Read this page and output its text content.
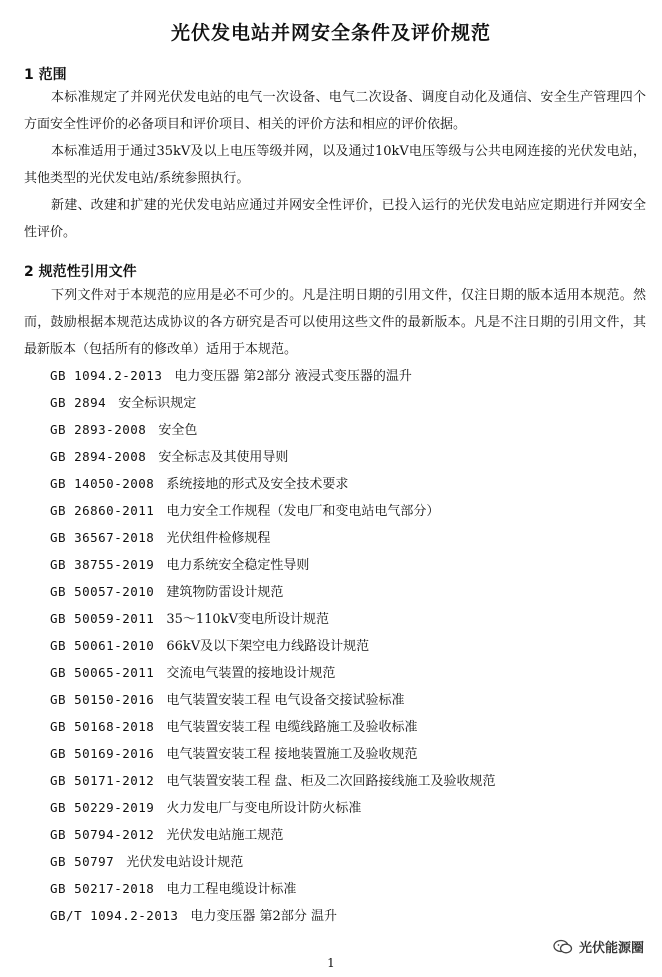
光伏发电站并网安全条件及评价规范
1 范围
本标准规定了并网光伏发电站的电气一次设备、电气二次设备、调度自动化及通信、安全生产管理四个方面安全性评价的必备项目和评价项目、相关的评价方法和相应的评价依据。
本标准适用于通过35kV及以上电压等级并网，以及通过10kV电压等级与公共电网连接的光伏发电站，其他类型的光伏发电站/系统参照执行。
新建、改建和扩建的光伏发电站应通过并网安全性评价，已投入运行的光伏发电站应定期进行并网安全性评价。
2 规范性引用文件
下列文件对于本规范的应用是必不可少的。凡是注明日期的引用文件，仅注日期的版本适用本规范。然而，鼓励根据本规范达成协议的各方研究是否可以使用这些文件的最新版本。凡是不注日期的引用文件，其最新版本（包括所有的修改单）适用于本规范。
GB 1094.2-2013 电力变压器 第2部分 液浸式变压器的温升
GB 2894 安全标识规定
GB 2893-2008 安全色
GB 2894-2008 安全标志及其使用导则
GB 14050-2008 系统接地的形式及安全技术要求
GB 26860-2011 电力安全工作规程（发电厂和变电站电气部分）
GB 36567-2018 光伏组件检修规程
GB 38755-2019 电力系统安全稳定性导则
GB 50057-2010 建筑物防雷设计规范
GB 50059-2011 35～110kV变电所设计规范
GB 50061-2010 66kV及以下架空电力线路设计规范
GB 50065-2011 交流电气装置的接地设计规范
GB 50150-2016 电气装置安装工程 电气设备交接试验标准
GB 50168-2018 电气装置安装工程 电缆线路施工及验收标准
GB 50169-2016 电气装置安装工程 接地装置施工及验收规范
GB 50171-2012 电气装置安装工程 盘、柜及二次回路接线施工及验收规范
GB 50229-2019 火力发电厂与变电所设计防火标准
GB 50794-2012 光伏发电站施工规范
GB 50797 光伏发电站设计规范
GB 50217-2018 电力工程电缆设计标准
GB/T 1094.2-2013 电力变压器 第2部分 温升
光伏能源圈
1
